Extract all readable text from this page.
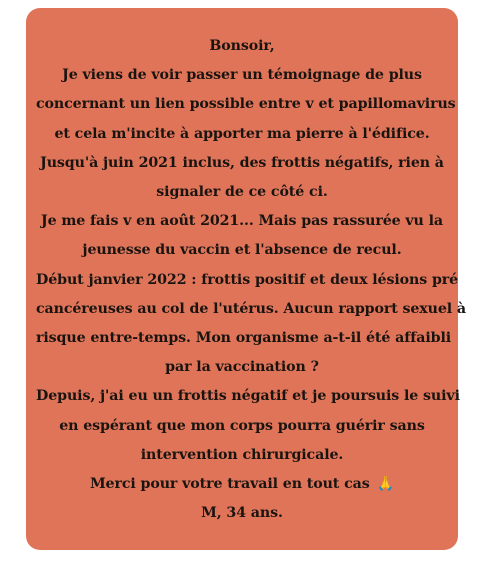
Bonsoir,
Je viens de voir passer un témoignage de plus
concernant un lien possible entre v et papillomavirus
et cela m'incite à apporter ma pierre à l'édifice.
Jusqu'à juin 2021 inclus, des frottis négatifs, rien à
signaler de ce côté ci.
Je me fais v en août 2021... Mais pas rassurée vu la
jeunesse du vaccin et l'absence de recul.
Début janvier 2022 : frottis positif et deux lésions pré
cancéreuses au col de l'utérus. Aucun rapport sexuel à
risque entre-temps. Mon organisme a-t-il été affaibli
par la vaccination ?
Depuis, j'ai eu un frottis négatif et je poursuis le suivi
en espérant que mon corps pourra guérir sans
intervention chirurgicale.
Merci pour votre travail en tout cas 🙏
M, 34 ans.
